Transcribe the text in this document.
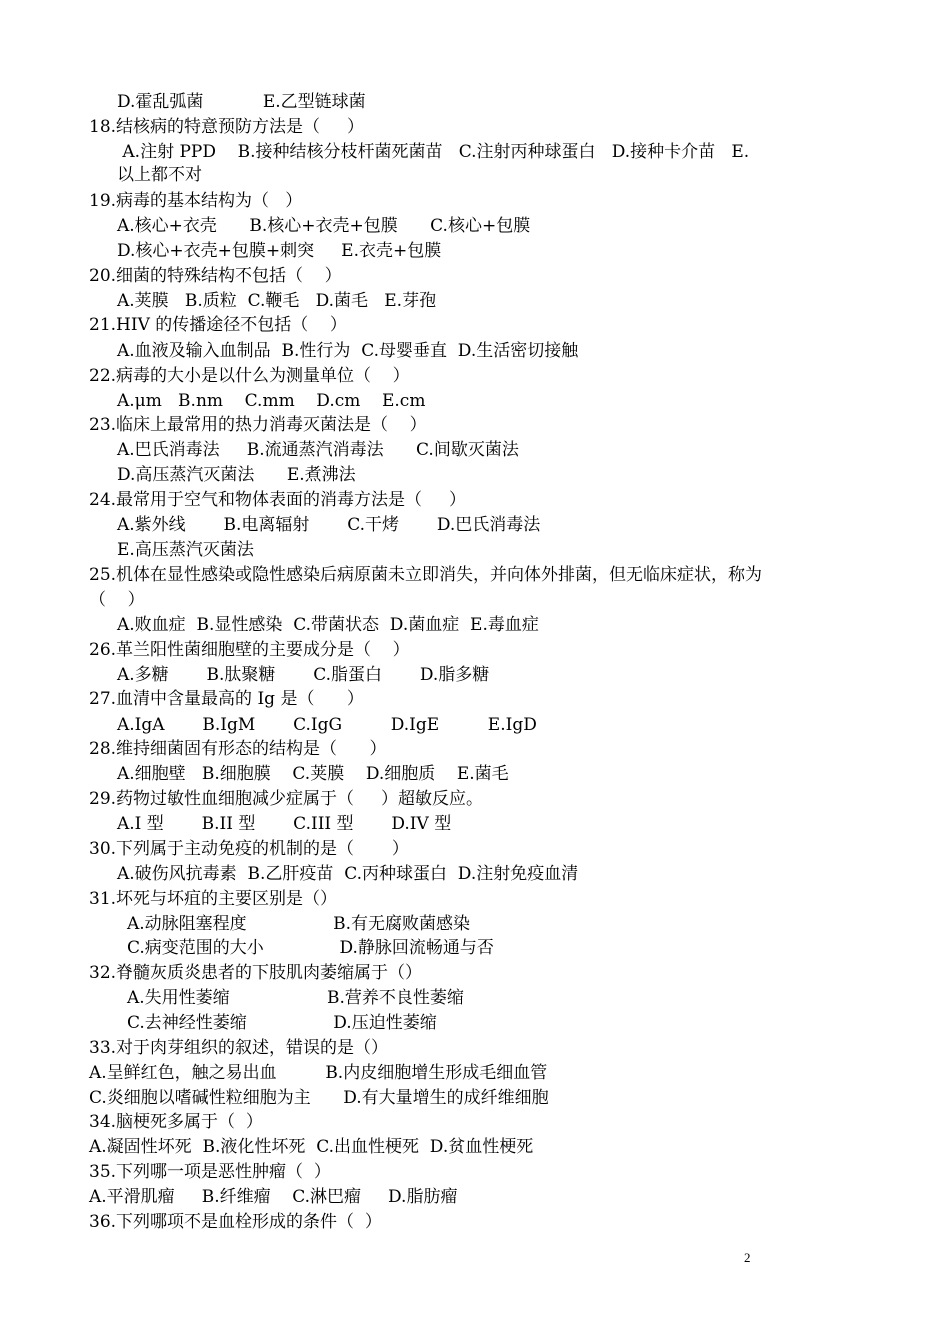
D.霍乱弧菌           E.乙型链球菌
18.结核病的特意预防方法是（     ）
A.注射 PPD    B.接种结核分枝杆菌死菌苗   C.注射丙种球蛋白   D.接种卡介苗   E.
以上都不对
19.病毒的基本结构为（   ）
A.核心+衣壳      B.核心+衣壳+包膜      C.核心+包膜
D.核心+衣壳+包膜+刺突     E.衣壳+包膜
20.细菌的特殊结构不包括（    ）
A.荚膜   B.质粒  C.鞭毛   D.菌毛   E.芽孢
21.HIV 的传播途径不包括（    ）
A.血液及输入血制品  B.性行为  C.母婴垂直  D.生活密切接触
22.病毒的大小是以什么为测量单位（    ）
A.μm   B.nm    C.mm    D.cm    E.cm
23.临床上最常用的热力消毒灭菌法是（    ）
A.巴氏消毒法     B.流通蒸汽消毒法      C.间歇灭菌法
D.高压蒸汽灭菌法      E.煮沸法
24.最常用于空气和物体表面的消毒方法是（     ）
A.紫外线       B.电离辐射       C.干烤       D.巴氏消毒法
E.高压蒸汽灭菌法
25.机体在显性感染或隐性感染后病原菌未立即消失，并向体外排菌，但无临床症状，称为
（    ）
A.败血症  B.显性感染  C.带菌状态  D.菌血症  E.毒血症
26.革兰阳性菌细胞壁的主要成分是（    ）
A.多糖       B.肽聚糖       C.脂蛋白       D.脂多糖
27.血清中含量最高的 Ig 是（      ）
A.IgA       B.IgM       C.IgG         D.IgE         E.IgD
28.维持细菌固有形态的结构是（      ）
A.细胞壁   B.细胞膜    C.荚膜    D.细胞质    E.菌毛
29.药物过敏性血细胞减少症属于（     ）超敏反应。
A.I 型       B.II 型       C.III 型       D.IV 型
30.下列属于主动免疫的机制的是（       ）
A.破伤风抗毒素  B.乙肝疫苗  C.丙种球蛋白  D.注射免疫血清
31.坏死与坏疽的主要区别是（）
A.动脉阻塞程度                B.有无腐败菌感染
C.病变范围的大小              D.静脉回流畅通与否
32.脊髓灰质炎患者的下肢肌肉萎缩属于（）
A.失用性萎缩                  B.营养不良性萎缩
C.去神经性萎缩                D.压迫性萎缩
33.对于肉芽组织的叙述，错误的是（）
A.呈鲜红色，触之易出血         B.内皮细胞增生形成毛细血管
C.炎细胞以嗜碱性粒细胞为主      D.有大量增生的成纤维细胞
34.脑梗死多属于（  ）
A.凝固性坏死  B.液化性坏死  C.出血性梗死  D.贫血性梗死
35.下列哪一项是恶性肿瘤（  ）
A.平滑肌瘤     B.纤维瘤    C.淋巴瘤     D.脂肪瘤
36.下列哪项不是血栓形成的条件（  ）
2
